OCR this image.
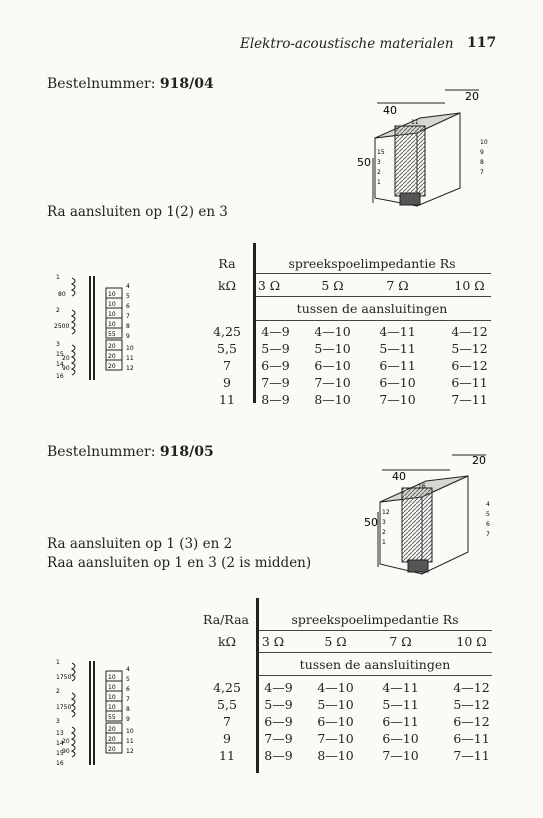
Elektro-acoustische materialen 117
Bestelnummer: 918/04
40
20
50
11
15
3
2
1
10
9
8
7
Ra aansluiten op 1(2) en 3
1
2
3
15
14
16
80
2500
20
90
10
10
10
10
55
20
20
20
4
5
6
7
8
9
10
11
12
Ra
kΩ
spreekspoelimpedantie Rs
3 Ω	5 Ω	7 Ω	10 Ω
tussen de aansluitingen
4,25	4—9	4—10	4—11	4—12
5,5	5—9	5—10	5—11	5—12
7	6—9	6—10	6—11	6—12
9	7—9	7—10	6—10	6—11
11	8—9	8—10	7—10	7—11
Bestelnummer: 918/05
40
20
50
16
12
3
2
1
4
5
6
7
Ra aansluiten op 1 (3) en 2
Raa aansluiten op 1 en 3 (2 is midden)
1
2
3
13
14
15
16
1750
1750
20
90
10
10
10
10
55
20
20
20
4
5
6
7
8
9
10
11
12
Ra/Raa
kΩ
spreekspoelimpedantie Rs
3 Ω	5 Ω	7 Ω	10 Ω
tussen de aansluitingen
4,25	4—9	4—10	4—11	4—12
5,5	5—9	5—10	5—11	5—12
7	6—9	6—10	6—11	6—12
9	7—9	7—10	6—10	6—11
11	8—9	8—10	7—10	7—11
